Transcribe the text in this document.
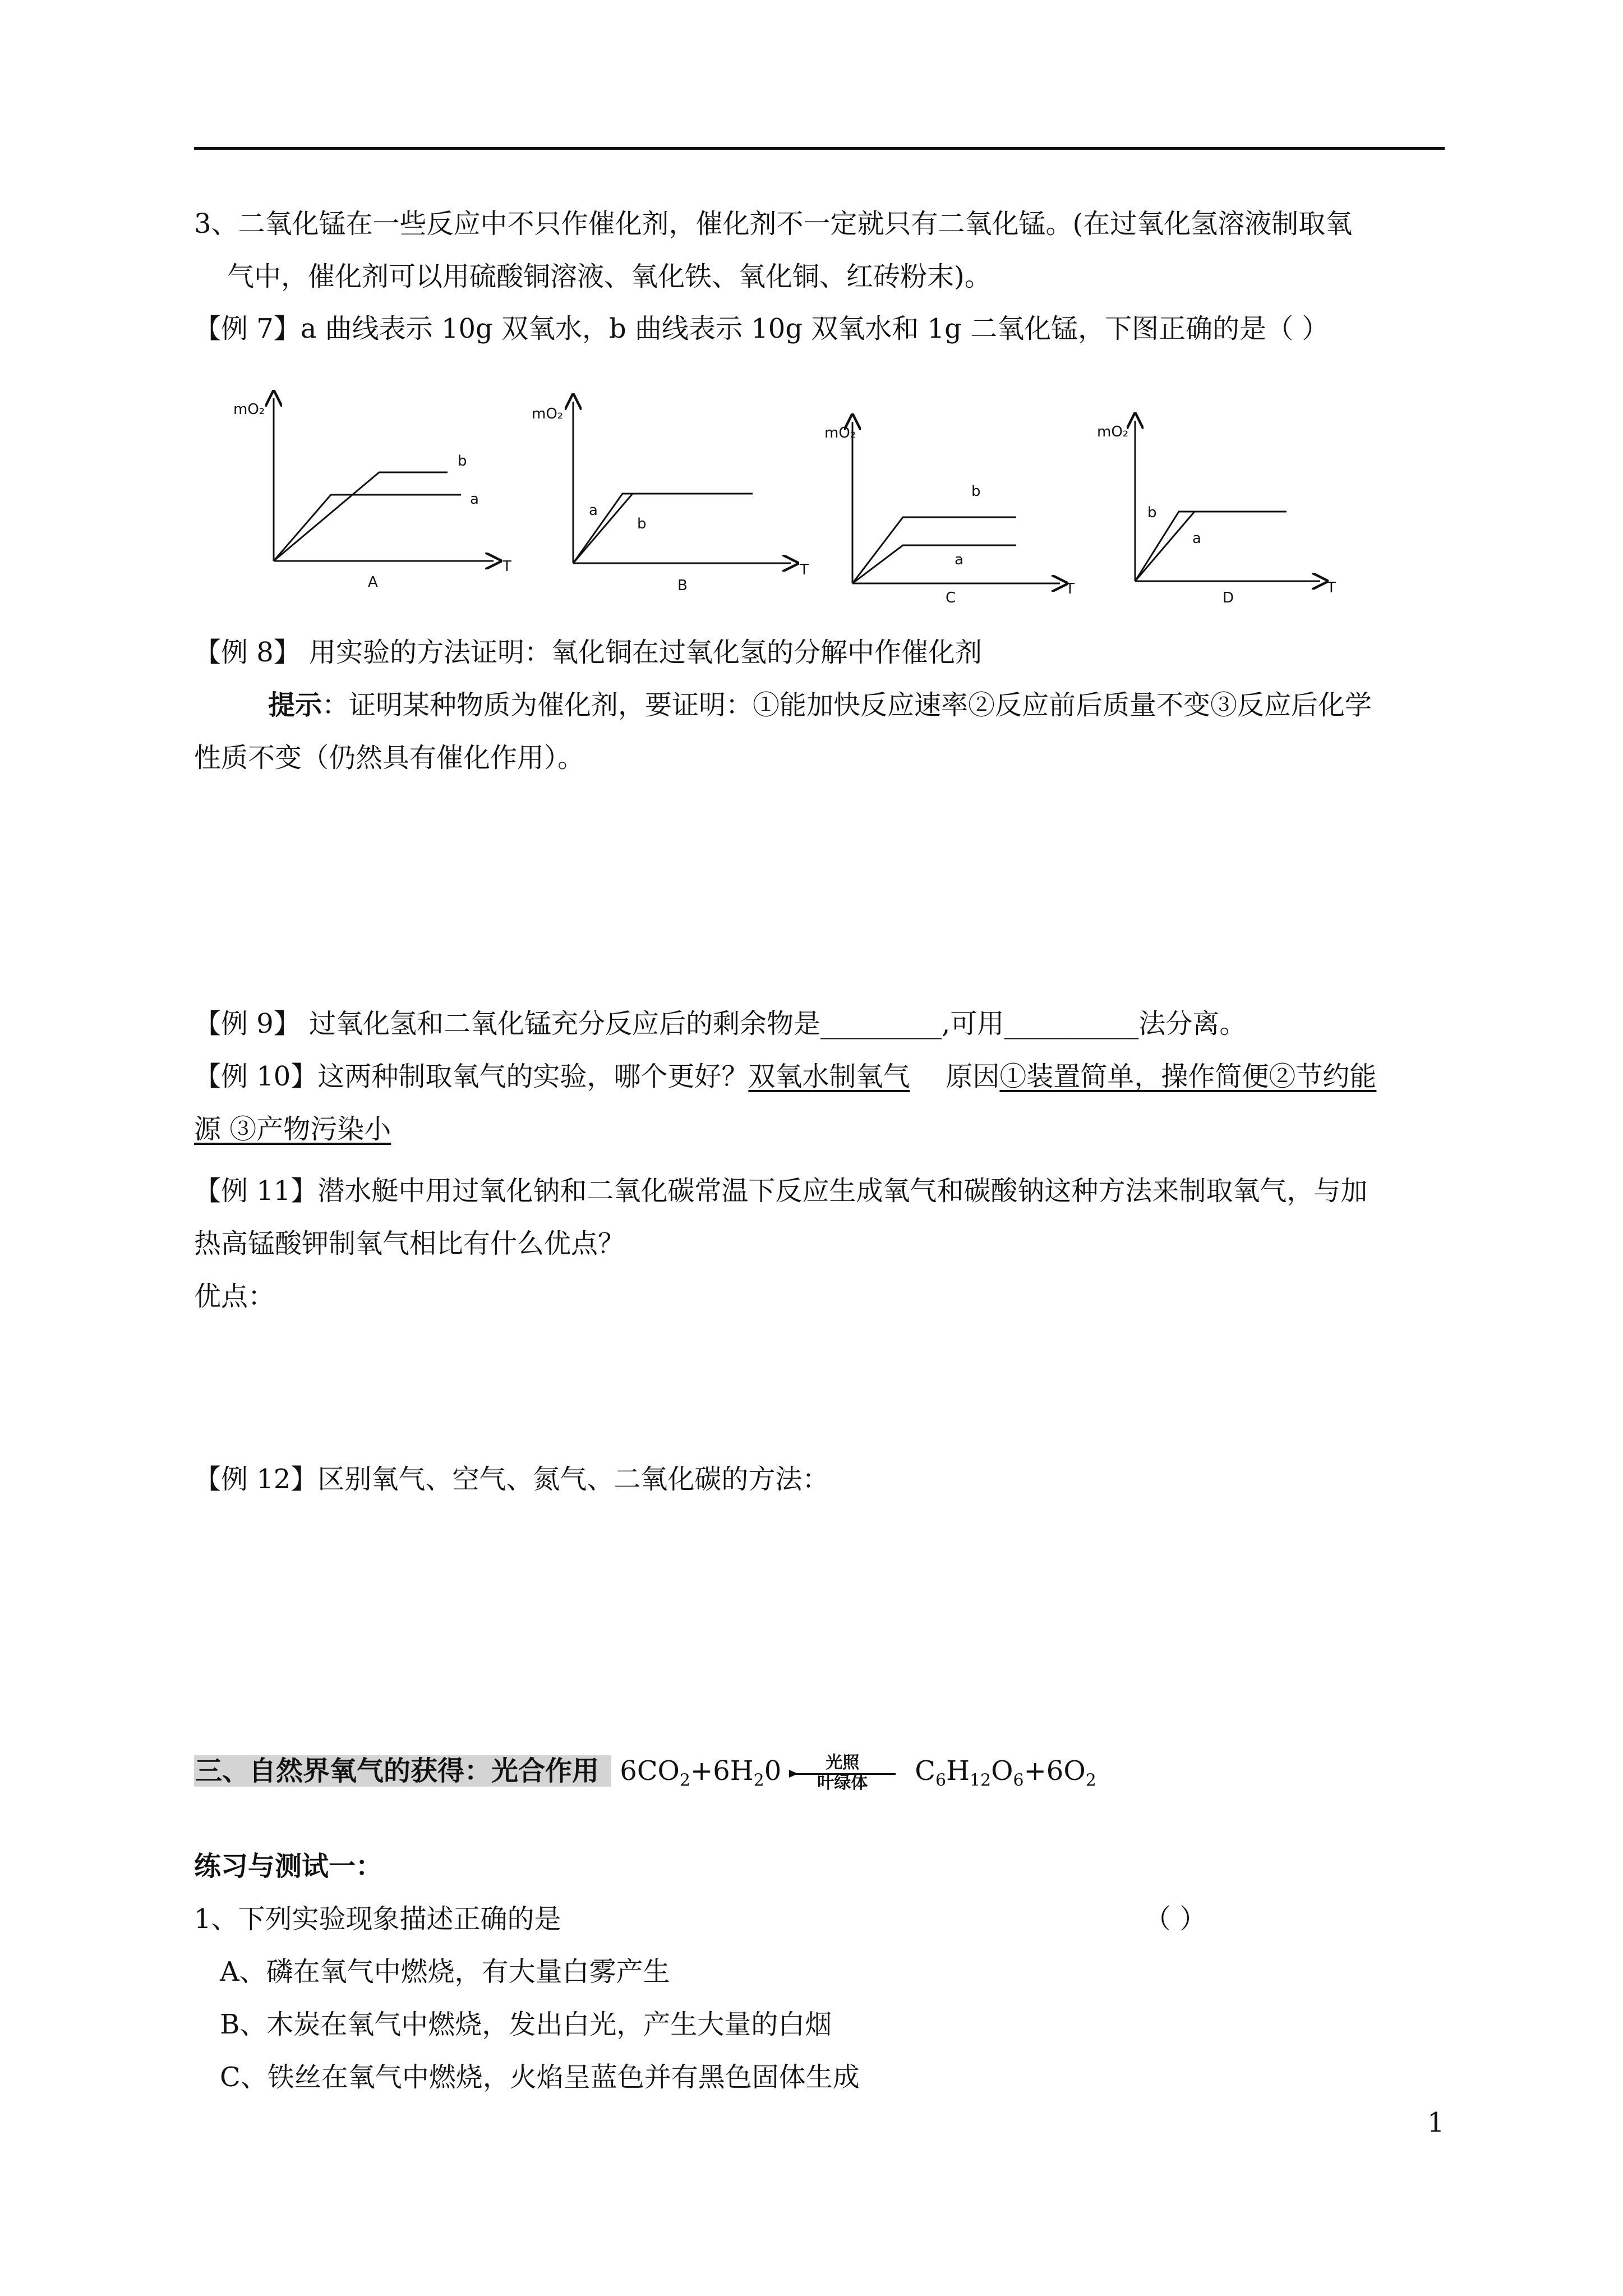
3、二氧化锰在一些反应中不只作催化剂，催化剂不一定就只有二氧化锰。(在过氧化氢溶液制取氧
气中，催化剂可以用硫酸铜溶液、氧化铁、氧化铜、红砖粉末)。
【例 7】a 曲线表示 10g 双氧水，b 曲线表示 10g 双氧水和 1g 二氧化锰，下图正确的是（ ）
mO₂
T
b
a
A
mO₂
T
a
b
B
mO₂
T
b
a
C
mO₂
T
b
a
D
【例 8】 用实验的方法证明：氧化铜在过氧化氢的分解中作催化剂
提示：证明某种物质为催化剂，要证明：①能加快反应速率②反应前后质量不变③反应后化学
性质不变（仍然具有催化作用）。
【例 9】 过氧化氢和二氧化锰充分反应后的剩余物是_________,可用__________法分离。
【例 10】这两种制取氧气的实验，哪个更好？双氧水制氧气 原因①装置简单，操作简便②节约能
源 ③产物污染小
【例 11】潜水艇中用过氧化钠和二氧化碳常温下反应生成氧气和碳酸钠这种方法来制取氧气，与加
热高锰酸钾制氧气相比有什么优点？
优点：
【例 12】区别氧气、空气、氮气、二氧化碳的方法：
三、自然界氧气的获得：光合作用 $6CO_2+6H_20$	光照
叶绿体	$C_6H_{12}O_6+6O_2$
练习与测试一：
1、下列实验现象描述正确的是	（ ）
A、磷在氧气中燃烧，有大量白雾产生
B、木炭在氧气中燃烧，发出白光，产生大量的白烟
C、铁丝在氧气中燃烧，火焰呈蓝色并有黑色固体生成
1
